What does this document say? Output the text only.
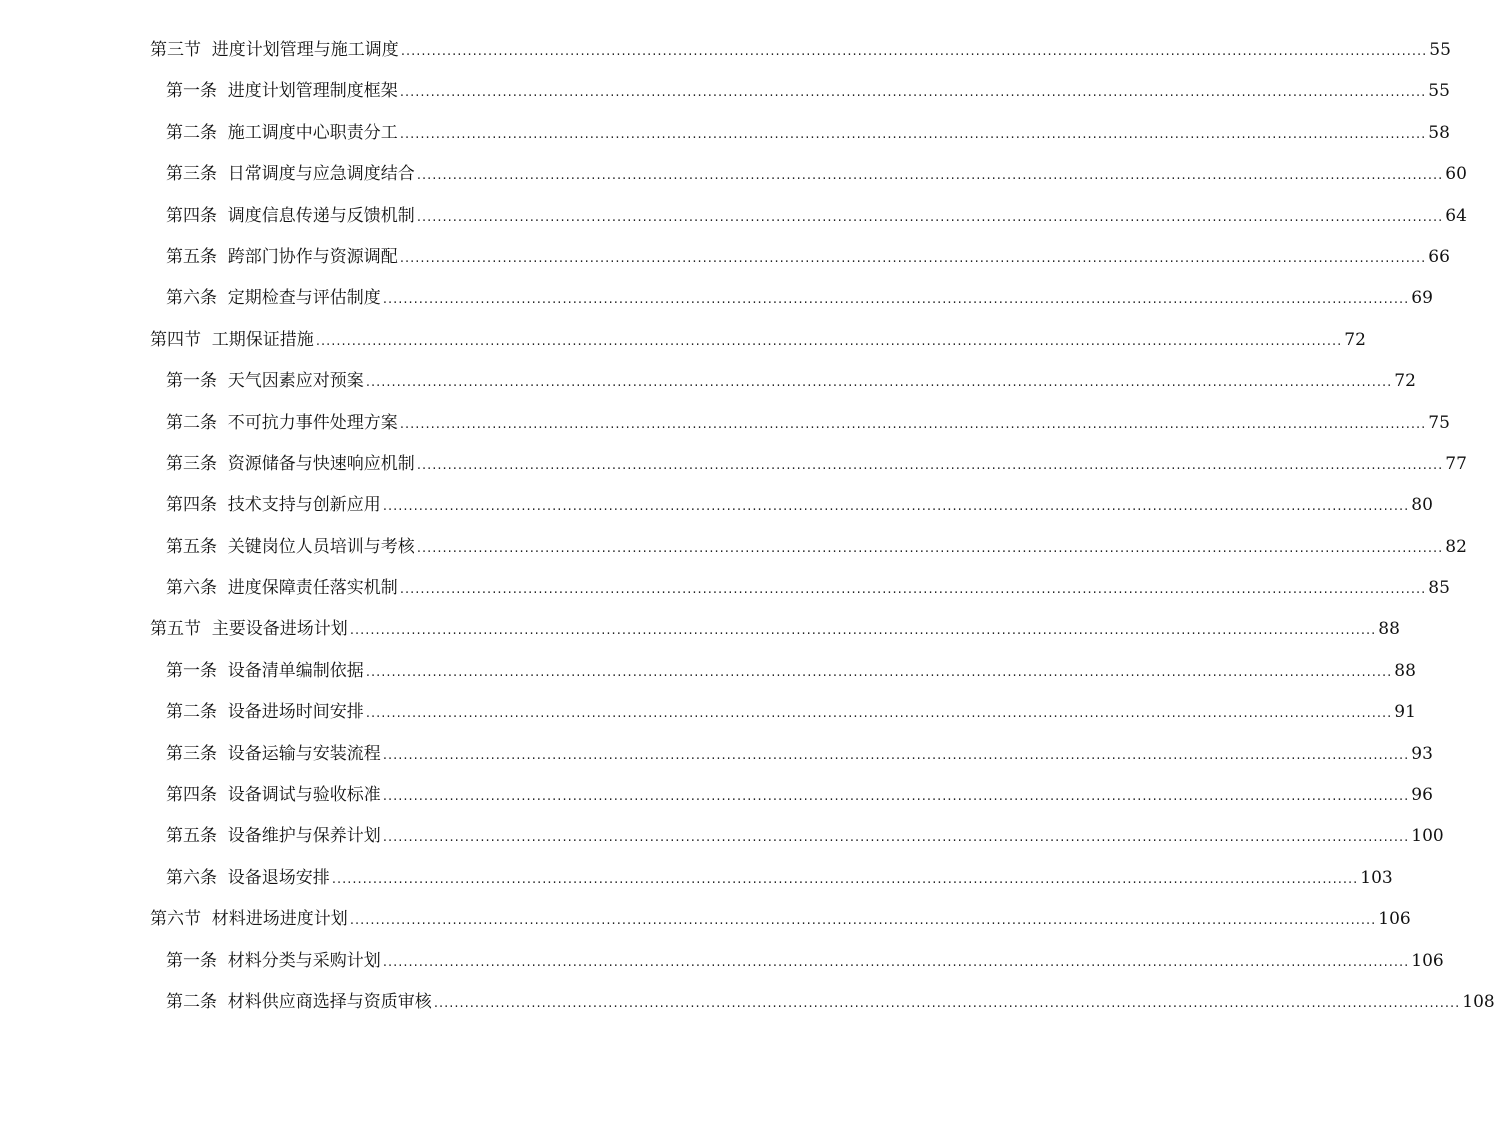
第三节  进度计划管理与施工调度 ........................................................................................................................................................................................................ 55
第一条  进度计划管理制度框架 ........................................................................................................................................................................................................ 55
第二条  施工调度中心职责分工 ........................................................................................................................................................................................................ 58
第三条  日常调度与应急调度结合 ........................................................................................................................................................................................................ 60
第四条  调度信息传递与反馈机制 ........................................................................................................................................................................................................ 64
第五条  跨部门协作与资源调配 ........................................................................................................................................................................................................ 66
第六条  定期检查与评估制度 ........................................................................................................................................................................................................ 69
第四节  工期保证措施 ........................................................................................................................................................................................................ 72
第一条  天气因素应对预案 ........................................................................................................................................................................................................ 72
第二条  不可抗力事件处理方案 ........................................................................................................................................................................................................ 75
第三条  资源储备与快速响应机制 ........................................................................................................................................................................................................ 77
第四条  技术支持与创新应用 ........................................................................................................................................................................................................ 80
第五条  关键岗位人员培训与考核 ........................................................................................................................................................................................................ 82
第六条  进度保障责任落实机制 ........................................................................................................................................................................................................ 85
第五节  主要设备进场计划 ........................................................................................................................................................................................................ 88
第一条  设备清单编制依据 ........................................................................................................................................................................................................ 88
第二条  设备进场时间安排 ........................................................................................................................................................................................................ 91
第三条  设备运输与安装流程 ........................................................................................................................................................................................................ 93
第四条  设备调试与验收标准 ........................................................................................................................................................................................................ 96
第五条  设备维护与保养计划 ........................................................................................................................................................................................................ 100
第六条  设备退场安排 ........................................................................................................................................................................................................ 103
第六节  材料进场进度计划 ........................................................................................................................................................................................................ 106
第一条  材料分类与采购计划 ........................................................................................................................................................................................................ 106
第二条  材料供应商选择与资质审核 ........................................................................................................................................................................................................ 108
